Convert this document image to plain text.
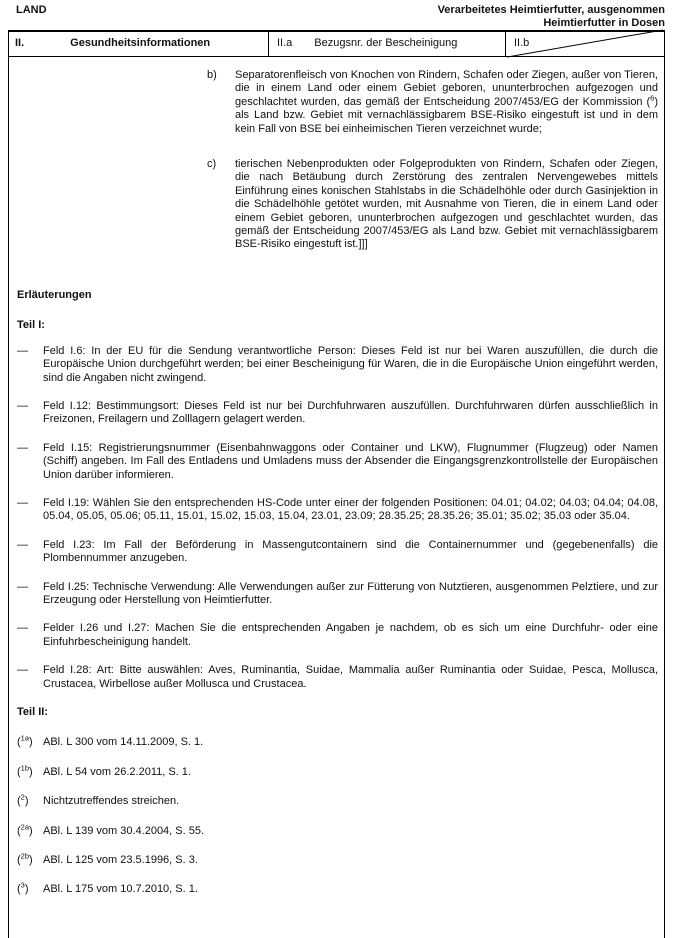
LAND	Verarbeitetes Heimtierfutter, ausgenommen
Heimtierfutter in Dosen
II.	Gesundheitsinformationen	II.a Bezugsnr. der Bescheinigung	II.b
b)	Separatorenfleisch von Knochen von Rindern, Schafen oder Ziegen, außer von Tieren, die in einem Land oder einem Gebiet geboren, ununterbrochen aufgezogen und geschlachtet wurden, das gemäß der Entscheidung 2007/453/EG der Kommission ($^6$) als Land bzw. Gebiet mit vernachlässigbarem BSE-Risiko eingestuft ist und in dem kein Fall von BSE bei einheimischen Tieren verzeichnet wurde;
c)	tierischen Nebenprodukten oder Folgeprodukten von Rindern, Schafen oder Ziegen, die nach Betäubung durch Zerstörung des zentralen Nervengewebes mittels Einführung eines konischen Stahlstabs in die Schädelhöhle oder durch Gasinjektion in die Schädelhöhle getötet wurden, mit Ausnahme von Tieren, die in einem Land oder einem Gebiet geboren, ununterbrochen aufgezogen und geschlachtet wurden, das gemäß der Entscheidung 2007/453/EG als Land bzw. Gebiet mit vernachlässigbarem BSE-Risiko eingestuft ist.]]]
Erläuterungen
Teil I:
—	Feld I.6: In der EU für die Sendung verantwortliche Person: Dieses Feld ist nur bei Waren auszufüllen, die durch die Europäische Union durchgeführt werden; bei einer Bescheinigung für Waren, die in die Europäische Union eingeführt werden, sind die Angaben nicht zwingend.
—	Feld I.12: Bestimmungsort: Dieses Feld ist nur bei Durchfuhrwaren auszufüllen. Durchfuhrwaren dürfen ausschließlich in Freizonen, Freilagern und Zolllagern gelagert werden.
—	Feld I.15: Registrierungsnummer (Eisenbahnwaggons oder Container und LKW), Flugnummer (Flugzeug) oder Namen (Schiff) angeben. Im Fall des Entladens und Umladens muss der Absender die Eingangsgrenzkontrollstelle der Europäischen Union darüber informieren.
—	Feld I.19: Wählen Sie den entsprechenden HS-Code unter einer der folgenden Positionen: 04.01; 04.02; 04.03; 04.04; 04.08, 05.04, 05.05, 05.06; 05.11, 15.01, 15.02, 15.03, 15.04, 23.01, 23.09; 28.35.25; 28.35.26; 35.01; 35.02; 35.03 oder 35.04.
—	Feld I.23: Im Fall der Beförderung in Massengutcontainern sind die Containernummer und (gegebenenfalls) die Plombennummer anzugeben.
—	Feld I.25: Technische Verwendung: Alle Verwendungen außer zur Fütterung von Nutztieren, ausgenommen Pelztiere, und zur Erzeugung oder Herstellung von Heimtierfutter.
—	Felder I.26 und I.27: Machen Sie die entsprechenden Angaben je nachdem, ob es sich um eine Durchfuhr- oder eine Einfuhrbescheinigung handelt.
—	Feld I.28: Art: Bitte auswählen: Aves, Ruminantia, Suidae, Mammalia außer Ruminantia oder Suidae, Pesca, Mollusca, Crustacea, Wirbellose außer Mollusca und Crustacea.
Teil II:
($^{1a}$) ABl. L 300 vom 14.11.2009, S. 1.
($^{1b}$) ABl. L 54 vom 26.2.2011, S. 1.
($^2$)	Nichtzutreffendes streichen.
($^{2a}$) ABl. L 139 vom 30.4.2004, S. 55.
($^{2b}$) ABl. L 125 vom 23.5.1996, S. 3.
($^3$)	ABl. L 175 vom 10.7.2010, S. 1.
